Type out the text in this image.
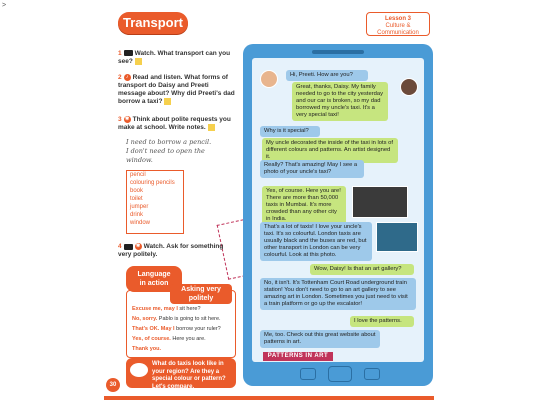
>
Transport	Lesson 3
Culture &
Communication
1 Watch. What transport can you see?
2 ♪ Read and listen. What forms of transport do Daisy and Preeti message about? Why did Preeti's dad borrow a taxi?
3 ✱ Think about polite requests you make at school. Write notes.
I need to borrow a pencil.
I don't need to open the
window.
pencil
colouring pencils
book
toilet
jumper
drink
window
4	✱ Watch. Ask for something very politely.
Language
in action
Asking very
politely
Excuse me, may I sit here?
No, sorry. Pablo is going to sit here.
That's OK. May I borrow your ruler?
Yes, of course. Here you are.
Thank you.
What do taxis look like in your region? Are they a special colour or pattern? Let's compare.
30
Hi, Preeti. How are you?
Great, thanks, Daisy. My family needed to go to the city yesterday and our car is broken, so my dad borrowed my uncle's taxi. It's a very special taxi!
Why is it special?
My uncle decorated the inside of the taxi in lots of different colours and patterns. An artist designed it.
Really? That's amazing! May I see a photo of your uncle's taxi?
Yes, of course. Here you are! There are more than 50,000 taxis in Mumbai. It's more crowded than any other city in India.
That's a lot of taxis! I love your uncle's taxi. It's so colourful. London taxis are usually black and the buses are red, but other transport in London can be very colourful. Look at this photo.
Wow, Daisy! Is that an art gallery?
No, it isn't. It's Tottenham Court Road underground train station! You don't need to go to an art gallery to see amazing art in London. Sometimes you just need to visit a train platform or go up the escalator!
I love the patterns.
Me, too. Check out this great website about patterns in art.
PATTERNS IN ART
